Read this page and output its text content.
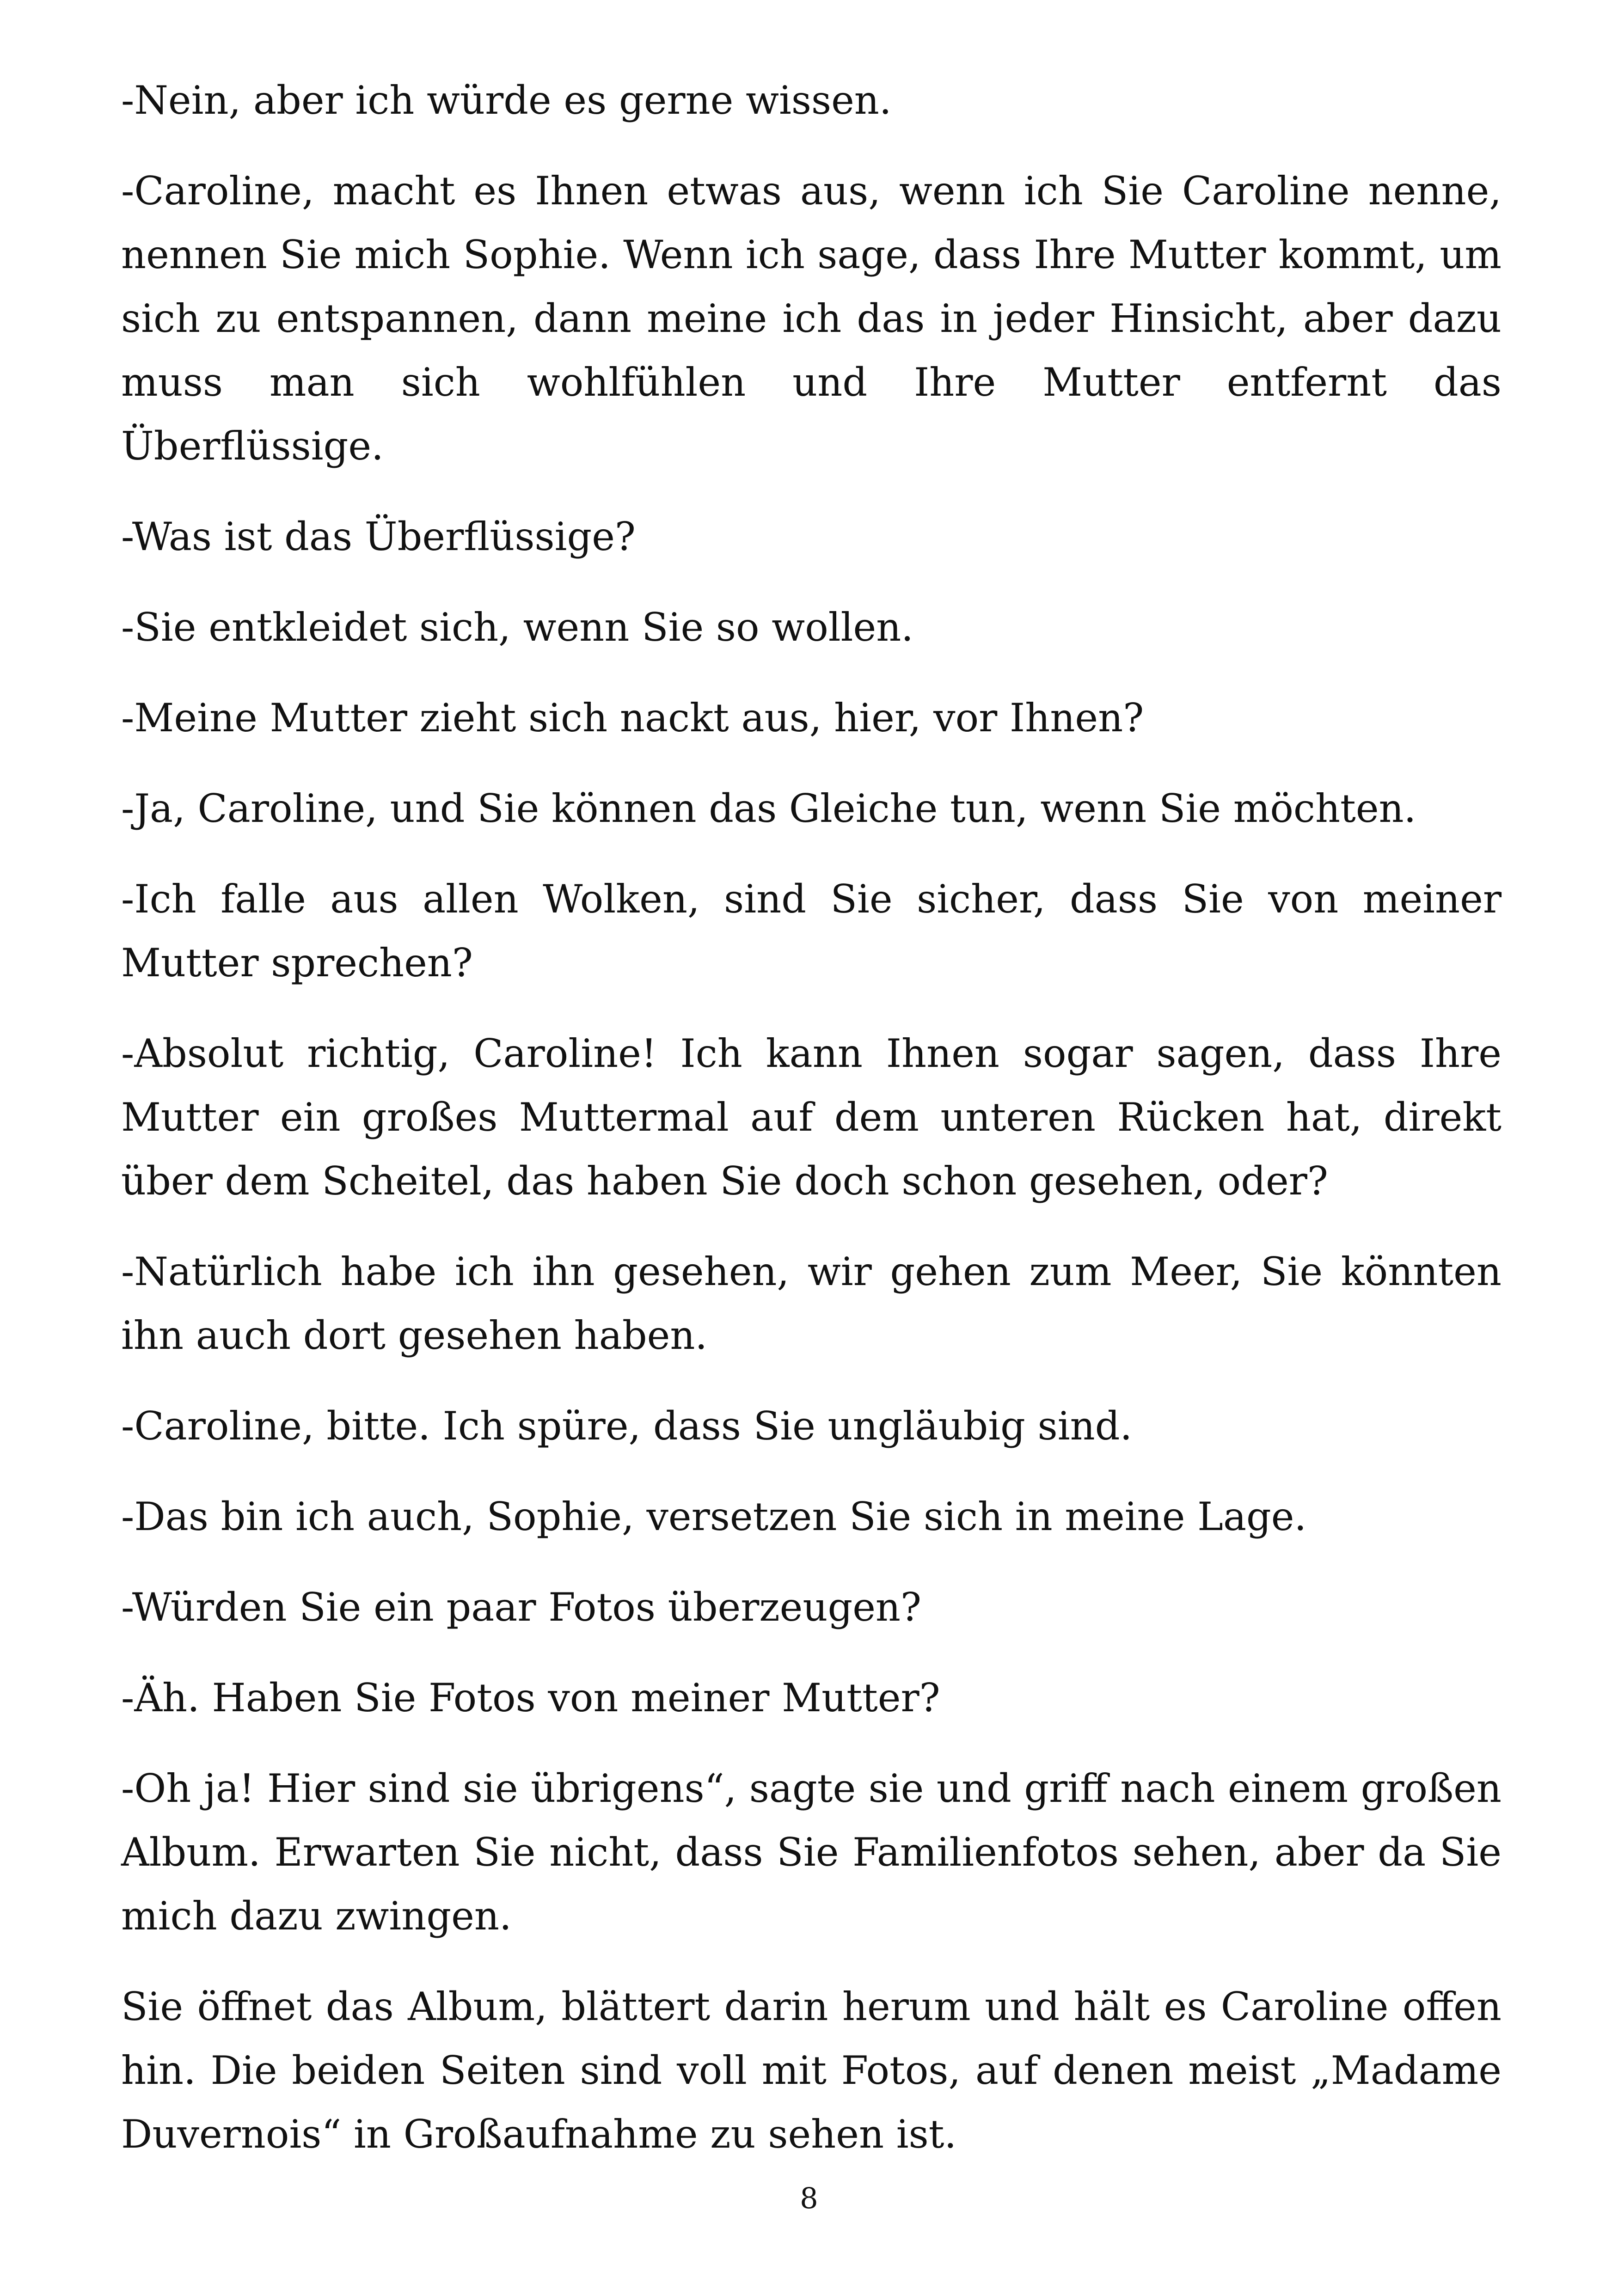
-Nein, aber ich würde es gerne wissen.

-Caroline, macht es Ihnen etwas aus, wenn ich Sie Caroline nenne, nennen Sie mich Sophie. Wenn ich sage, dass Ihre Mutter kommt, um sich zu entspannen, dann meine ich das in jeder Hinsicht, aber dazu muss man sich wohlfühlen und Ihre Mutter entfernt das Überflüssige.

-Was ist das Überflüssige?

-Sie entkleidet sich, wenn Sie so wollen.

-Meine Mutter zieht sich nackt aus, hier, vor Ihnen?

-Ja, Caroline, und Sie können das Gleiche tun, wenn Sie möchten.

-Ich falle aus allen Wolken, sind Sie sicher, dass Sie von meiner Mutter sprechen?

-Absolut richtig, Caroline! Ich kann Ihnen sogar sagen, dass Ihre Mutter ein großes Muttermal auf dem unteren Rücken hat, direkt über dem Scheitel, das haben Sie doch schon gesehen, oder?

-Natürlich habe ich ihn gesehen, wir gehen zum Meer, Sie könnten ihn auch dort gesehen haben.

-Caroline, bitte. Ich spüre, dass Sie ungläubig sind.

-Das bin ich auch, Sophie, versetzen Sie sich in meine Lage.

-Würden Sie ein paar Fotos überzeugen?

-Äh. Haben Sie Fotos von meiner Mutter?

-Oh ja! Hier sind sie übrigens“, sagte sie und griff nach einem großen Album. Erwarten Sie nicht, dass Sie Familienfotos sehen, aber da Sie mich dazu zwingen.

Sie öffnet das Album, blättert darin herum und hält es Caroline offen hin. Die beiden Seiten sind voll mit Fotos, auf denen meist „Madame Duvernois“ in Großaufnahme zu sehen ist.

8
